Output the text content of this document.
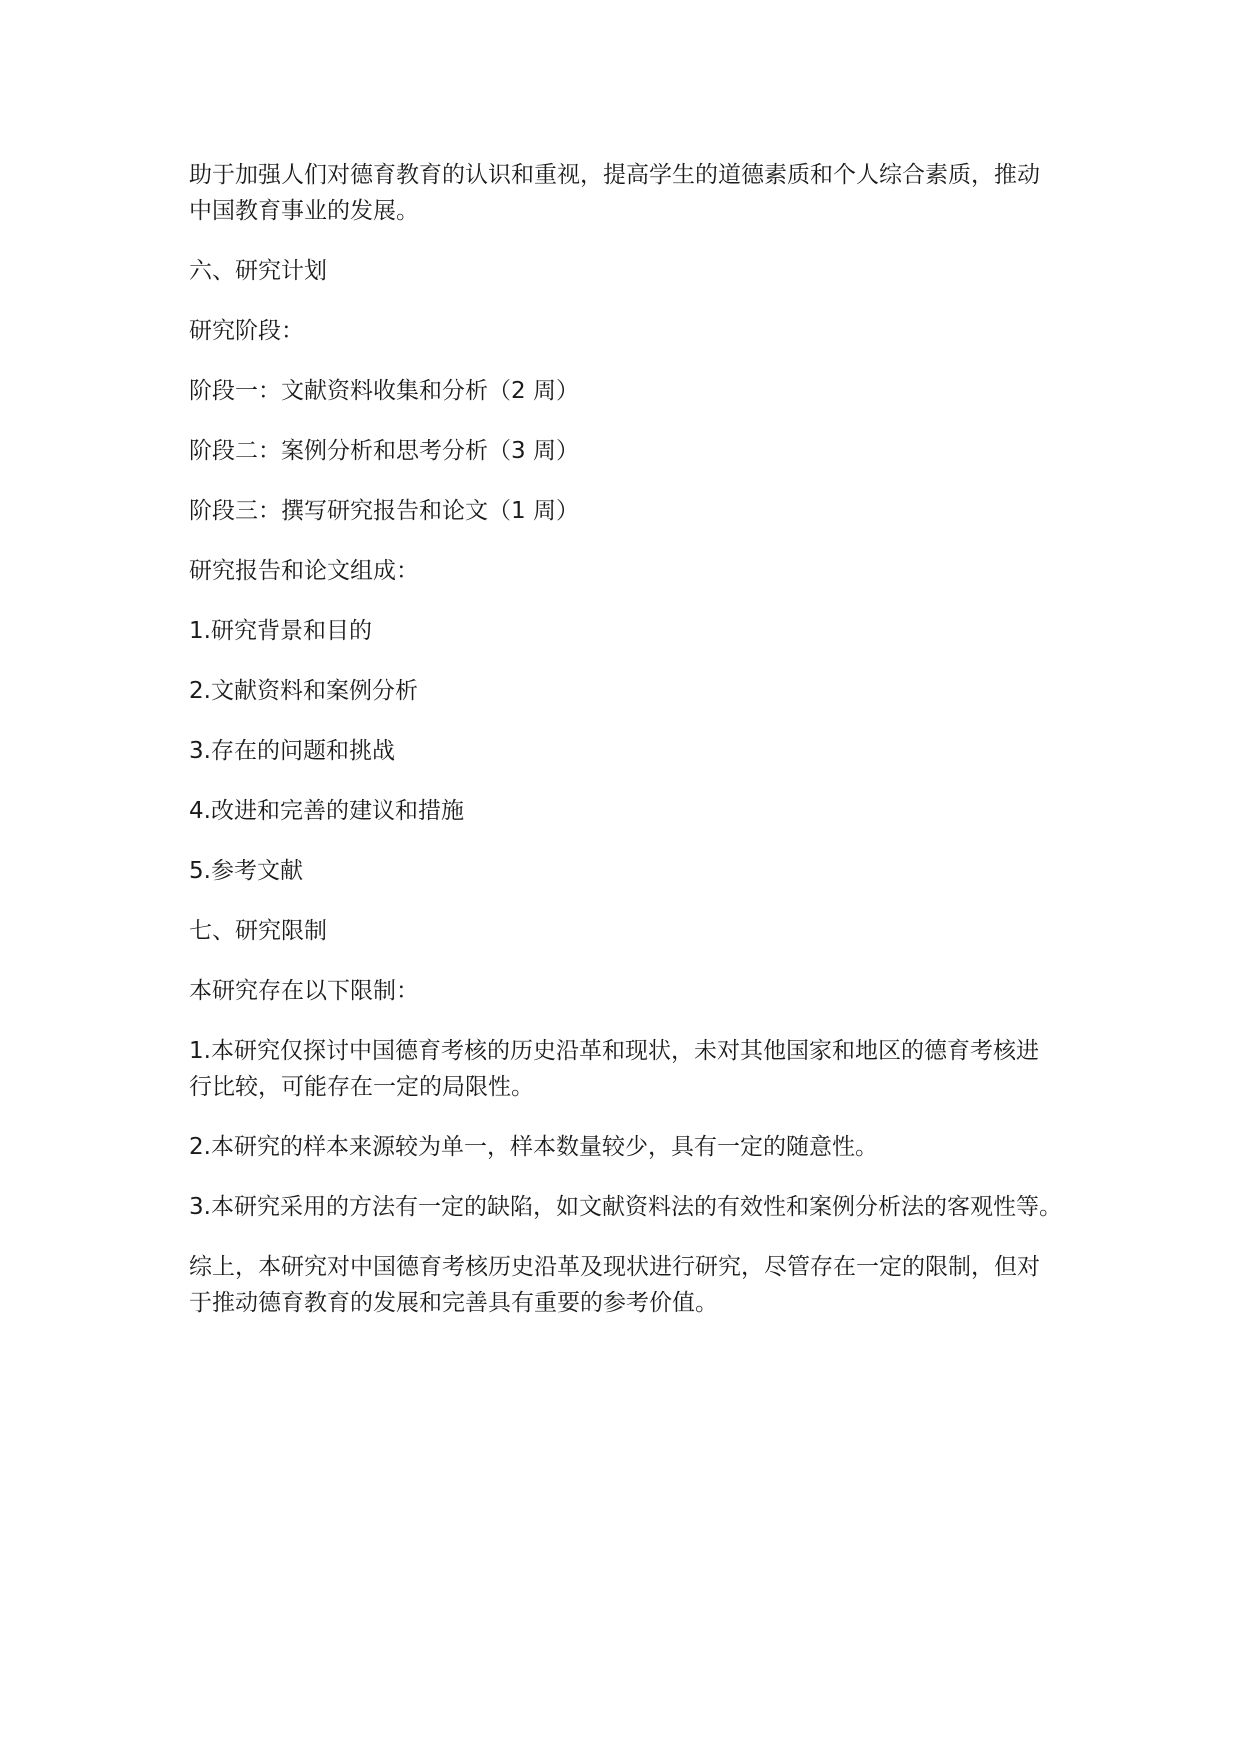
助于加强人们对德育教育的认识和重视，提高学生的道德素质和个人综合素质，推动
中国教育事业的发展。

六、研究计划

研究阶段：

阶段一：文献资料收集和分析（2 周）

阶段二：案例分析和思考分析（3 周）

阶段三：撰写研究报告和论文（1 周）

研究报告和论文组成：

1.研究背景和目的

2.文献资料和案例分析

3.存在的问题和挑战

4.改进和完善的建议和措施

5.参考文献

七、研究限制

本研究存在以下限制：

1.本研究仅探讨中国德育考核的历史沿革和现状，未对其他国家和地区的德育考核进
行比较，可能存在一定的局限性。

2.本研究的样本来源较为单一，样本数量较少，具有一定的随意性。

3.本研究采用的方法有一定的缺陷，如文献资料法的有效性和案例分析法的客观性等。

综上，本研究对中国德育考核历史沿革及现状进行研究，尽管存在一定的限制，但对
于推动德育教育的发展和完善具有重要的参考价值。
